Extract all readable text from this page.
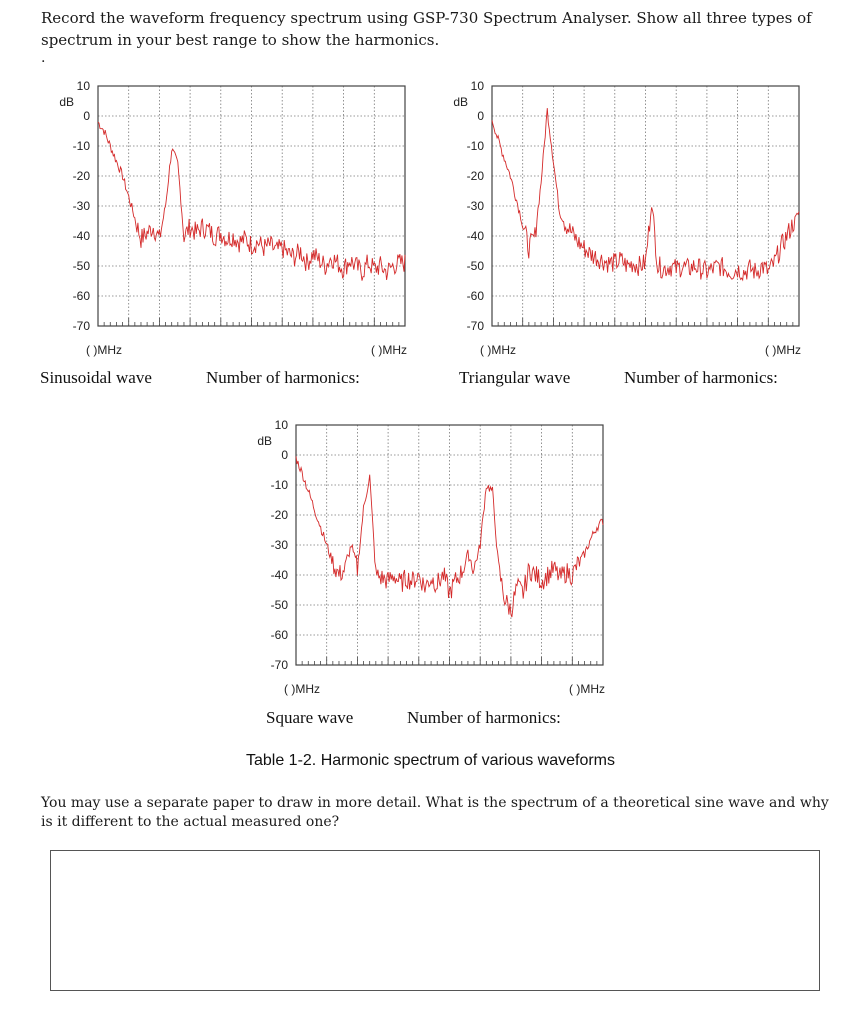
Record the waveform frequency spectrum using GSP-730 Spectrum Analyser. Show all three types of spectrum in your best range to show the harmonics.
.
10
0
-10
-20
-30
-40
-50
-60
-70
dB
( )MHz	( )MHz
10
0
-10
-20
-30
-40
-50
-60
-70
dB
( )MHz	( )MHz
10
0
-10
-20
-30
-40
-50
-60
-70
dB
( )MHz	( )MHz
Sinusoidal wave	Number of harmonics:	Triangular wave	Number of harmonics:
Square wave	Number of harmonics:
Table 1-2. Harmonic spectrum of various waveforms
You may use a separate paper to draw in more detail. What is the spectrum of a theoretical sine wave and why is it different to the actual measured one?
